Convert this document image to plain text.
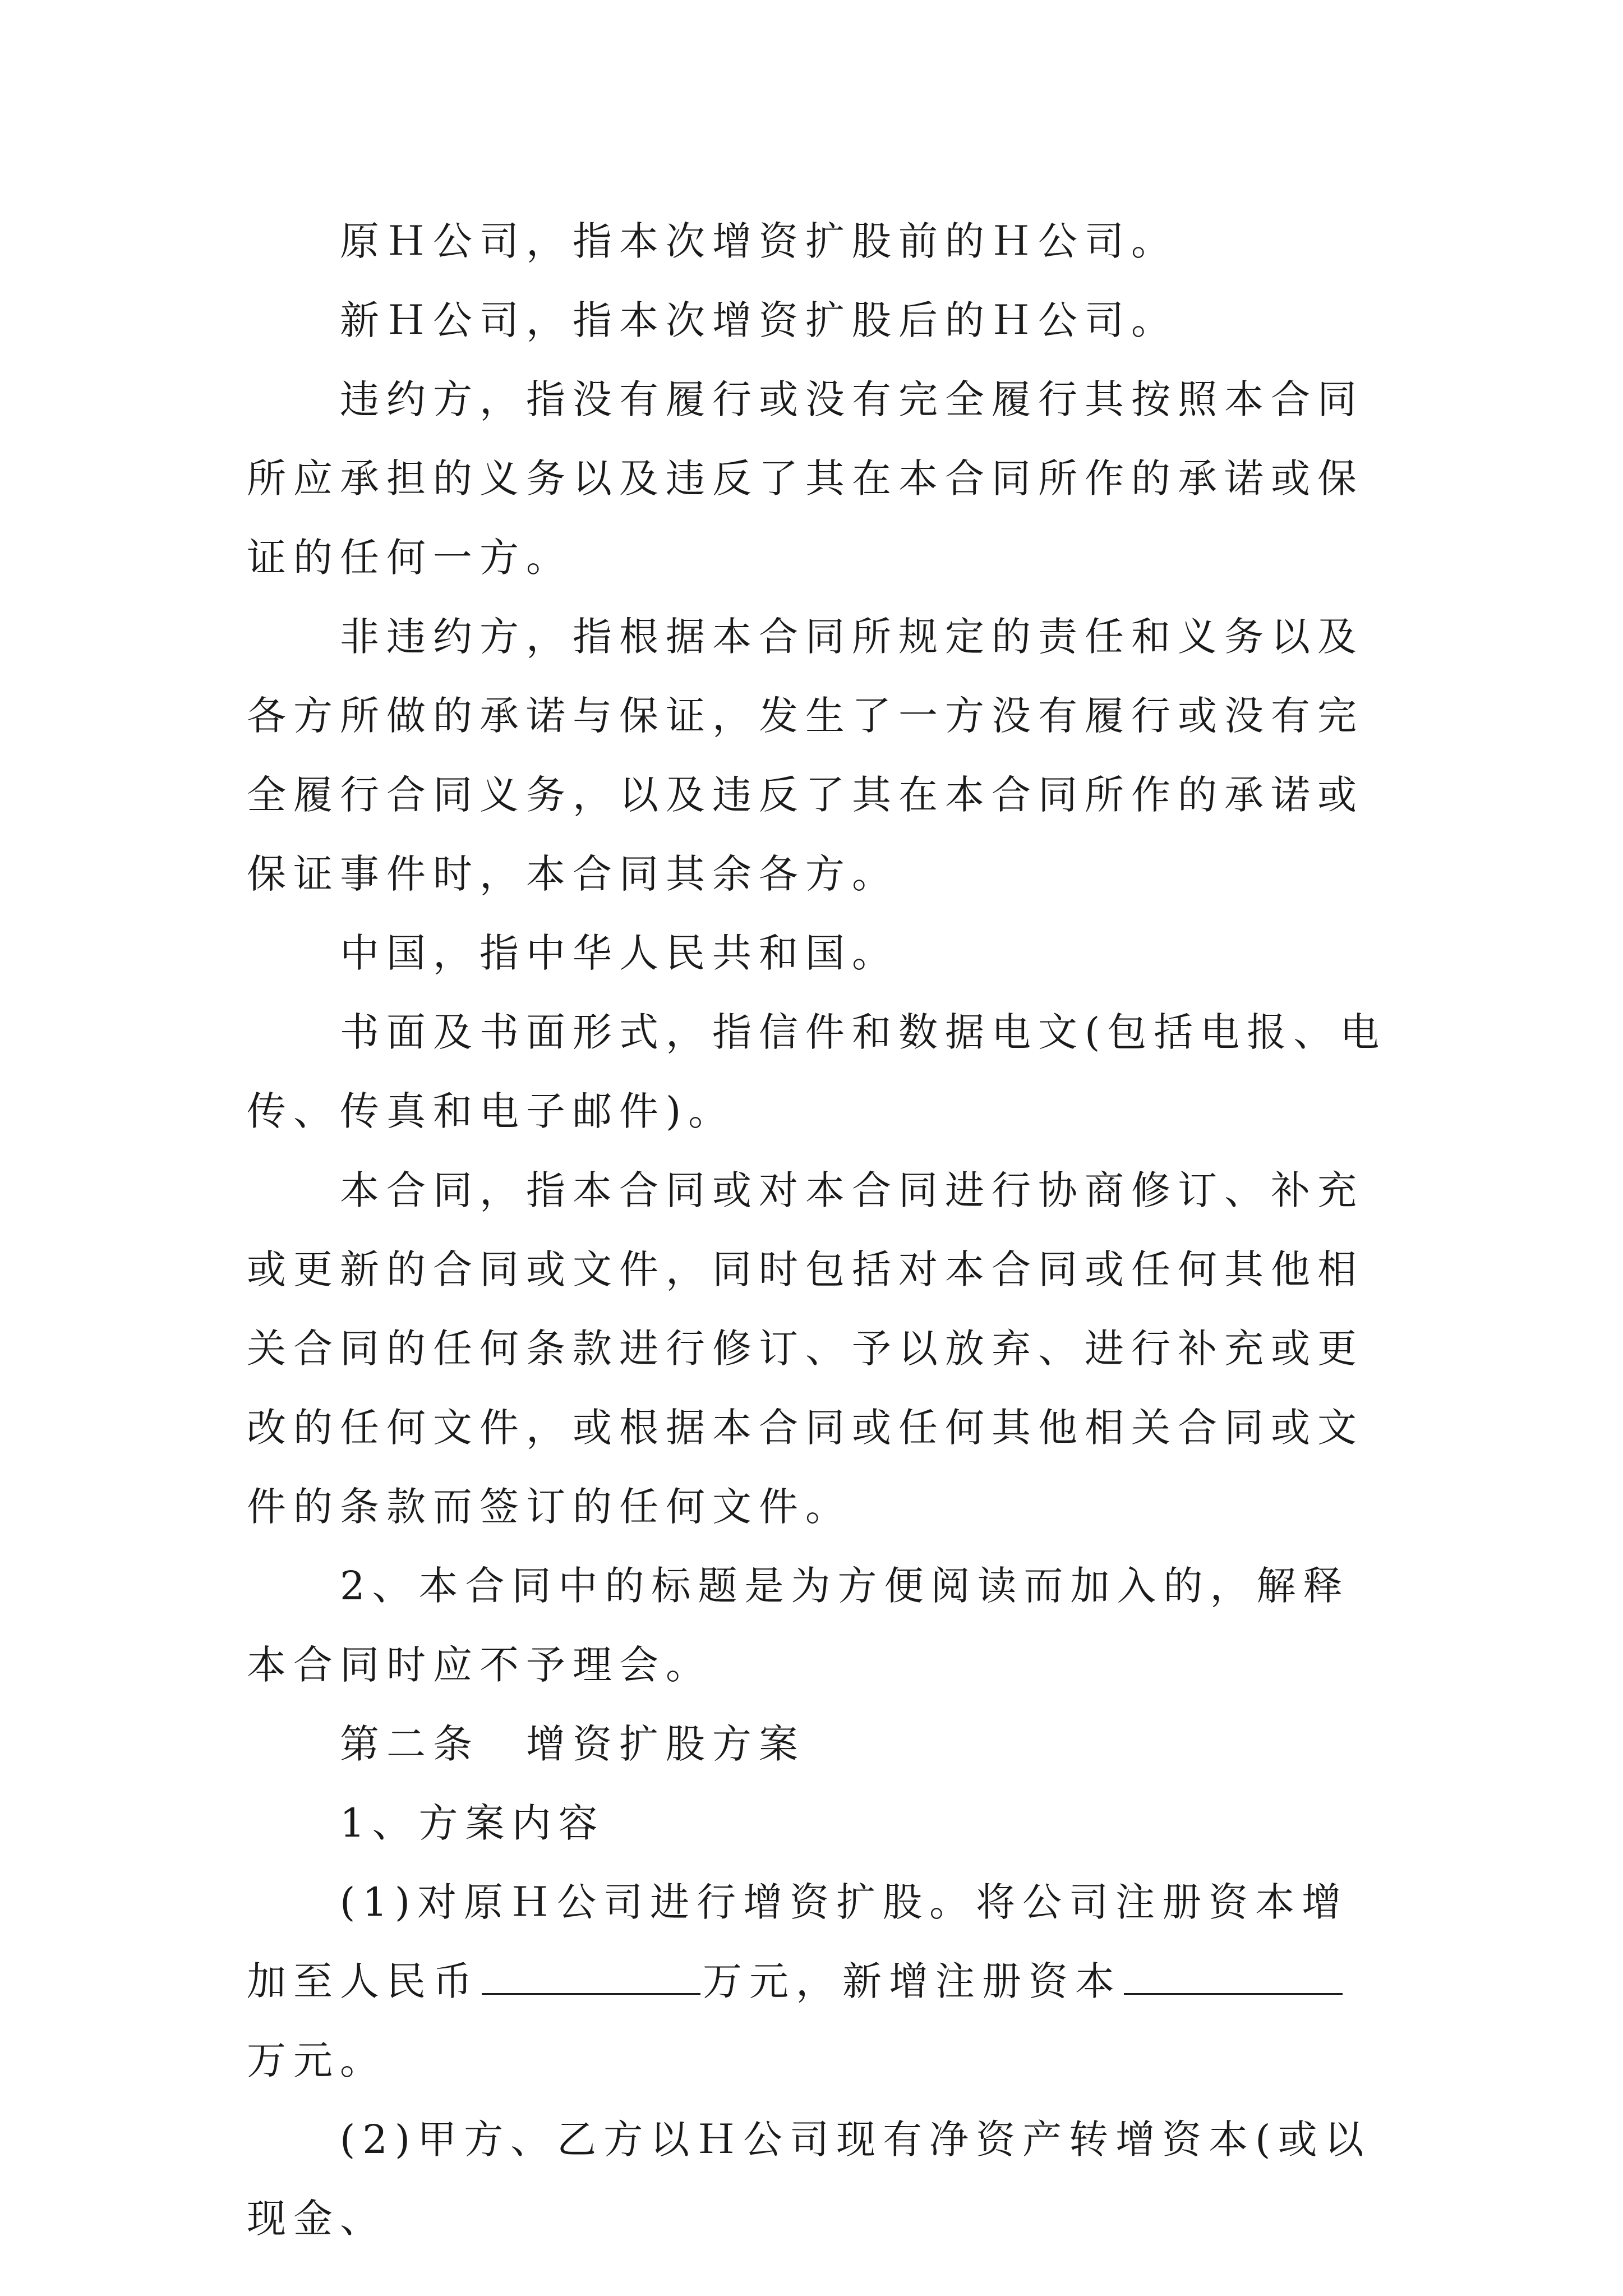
原Ｈ公司，指本次增资扩股前的Ｈ公司。

新Ｈ公司，指本次增资扩股后的Ｈ公司。

违约方，指没有履行或没有完全履行其按照本合同所应承担的义务以及违反了其在本合同所作的承诺或保证的任何一方。

非违约方，指根据本合同所规定的责任和义务以及各方所做的承诺与保证，发生了一方没有履行或没有完全履行合同义务，以及违反了其在本合同所作的承诺或保证事件时，本合同其余各方。

中国，指中华人民共和国。

书面及书面形式，指信件和数据电文(包括电报、电传、传真和电子邮件)。

本合同，指本合同或对本合同进行协商修订、补充或更新的合同或文件，同时包括对本合同或任何其他相关合同的任何条款进行修订、予以放弃、进行补充或更改的任何文件，或根据本合同或任何其他相关合同或文件的条款而签订的任何文件。

2、本合同中的标题是为方便阅读而加入的，解释本合同时应不予理会。

第二条　增资扩股方案

1、方案内容

(1)对原Ｈ公司进行增资扩股。将公司注册资本增加至人民币	万元，新增注册资本万元。

(2)甲方、乙方以Ｈ公司现有净资产转增资本(或以现金、
